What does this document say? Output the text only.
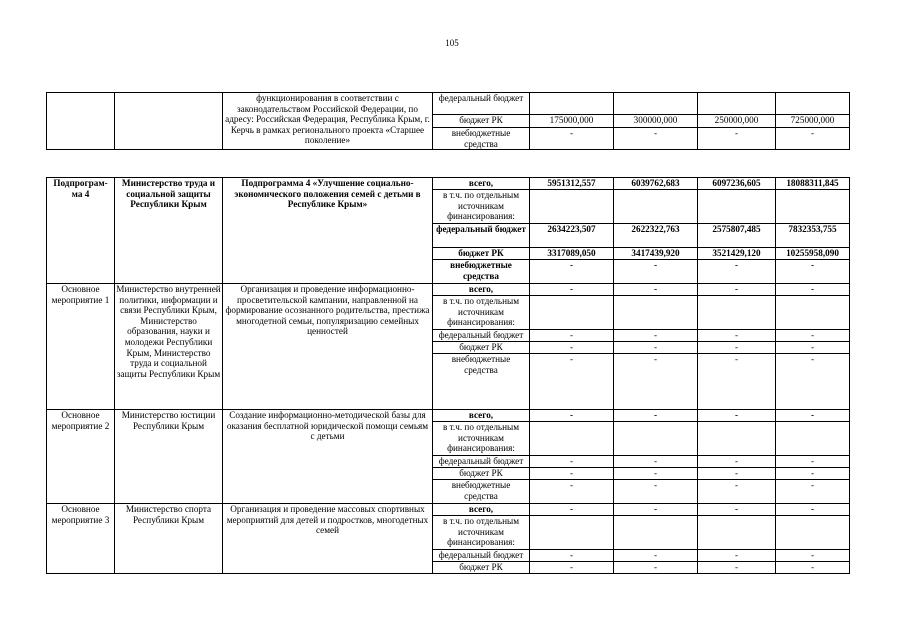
105
		функционирования в соответствии с законодательством Российской Федерации, по адресу: Российская Федерация, Республика Крым, г. Керчь в рамках регионального проекта «Старшее поколение»	федеральный бюджет				
			бюджет РК	175000,000	300000,000	250000,000	725000,000
			внебюджетные средства	-	-	-	-
Подпрограм-ма 4	Министерство труда и социальной защиты Республики Крым	Подпрограмма 4 «Улучшение социально-экономического положения семей с детьми в Республике Крым»	всего,	5951312,557	6039762,683	6097236,605	18088311,845
			в т.ч. по отдельным источникам финансирования:				
			федеральный бюджет	2634223,507	2622322,763	2575807,485	7832353,755
			бюджет РК	3317089,050	3417439,920	3521429,120	10255958,090
			внебюджетные средства	-	-	-	-
Основное мероприятие 1	Министерство внутренней политики, информации и связи Республики Крым, Министерство образования, науки и молодежи Республики Крым, Министерство труда и социальной защиты Республики Крым	Организация и проведение информационно-просветительской кампании, направленной на формирование осознанного родительства, престижа многодетной семьи, популяризацию семейных ценностей	всего,	-	-	-	-
			в т.ч. по отдельным источникам финансирования:				
			федеральный бюджет	-	-	-	-
			бюджет РК	-	-	-	-
			внебюджетные средства	-	-	-	-
Основное мероприятие 2	Министерство юстиции Республики Крым	Создание информационно-методической базы для оказания бесплатной юридической помощи семьям с детьми	всего,	-	-	-	-
			в т.ч. по отдельным источникам финансирования:				
			федеральный бюджет	-	-	-	-
			бюджет РК	-	-	-	-
			внебюджетные средства	-	-	-	-
Основное мероприятие 3	Министерство спорта Республики Крым	Организация и проведение массовых спортивных мероприятий для детей и подростков, многодетных семей	всего,	-	-	-	-
			в т.ч. по отдельным источникам финансирования:				
			федеральный бюджет	-	-	-	-
			бюджет РК	-	-	-	-
